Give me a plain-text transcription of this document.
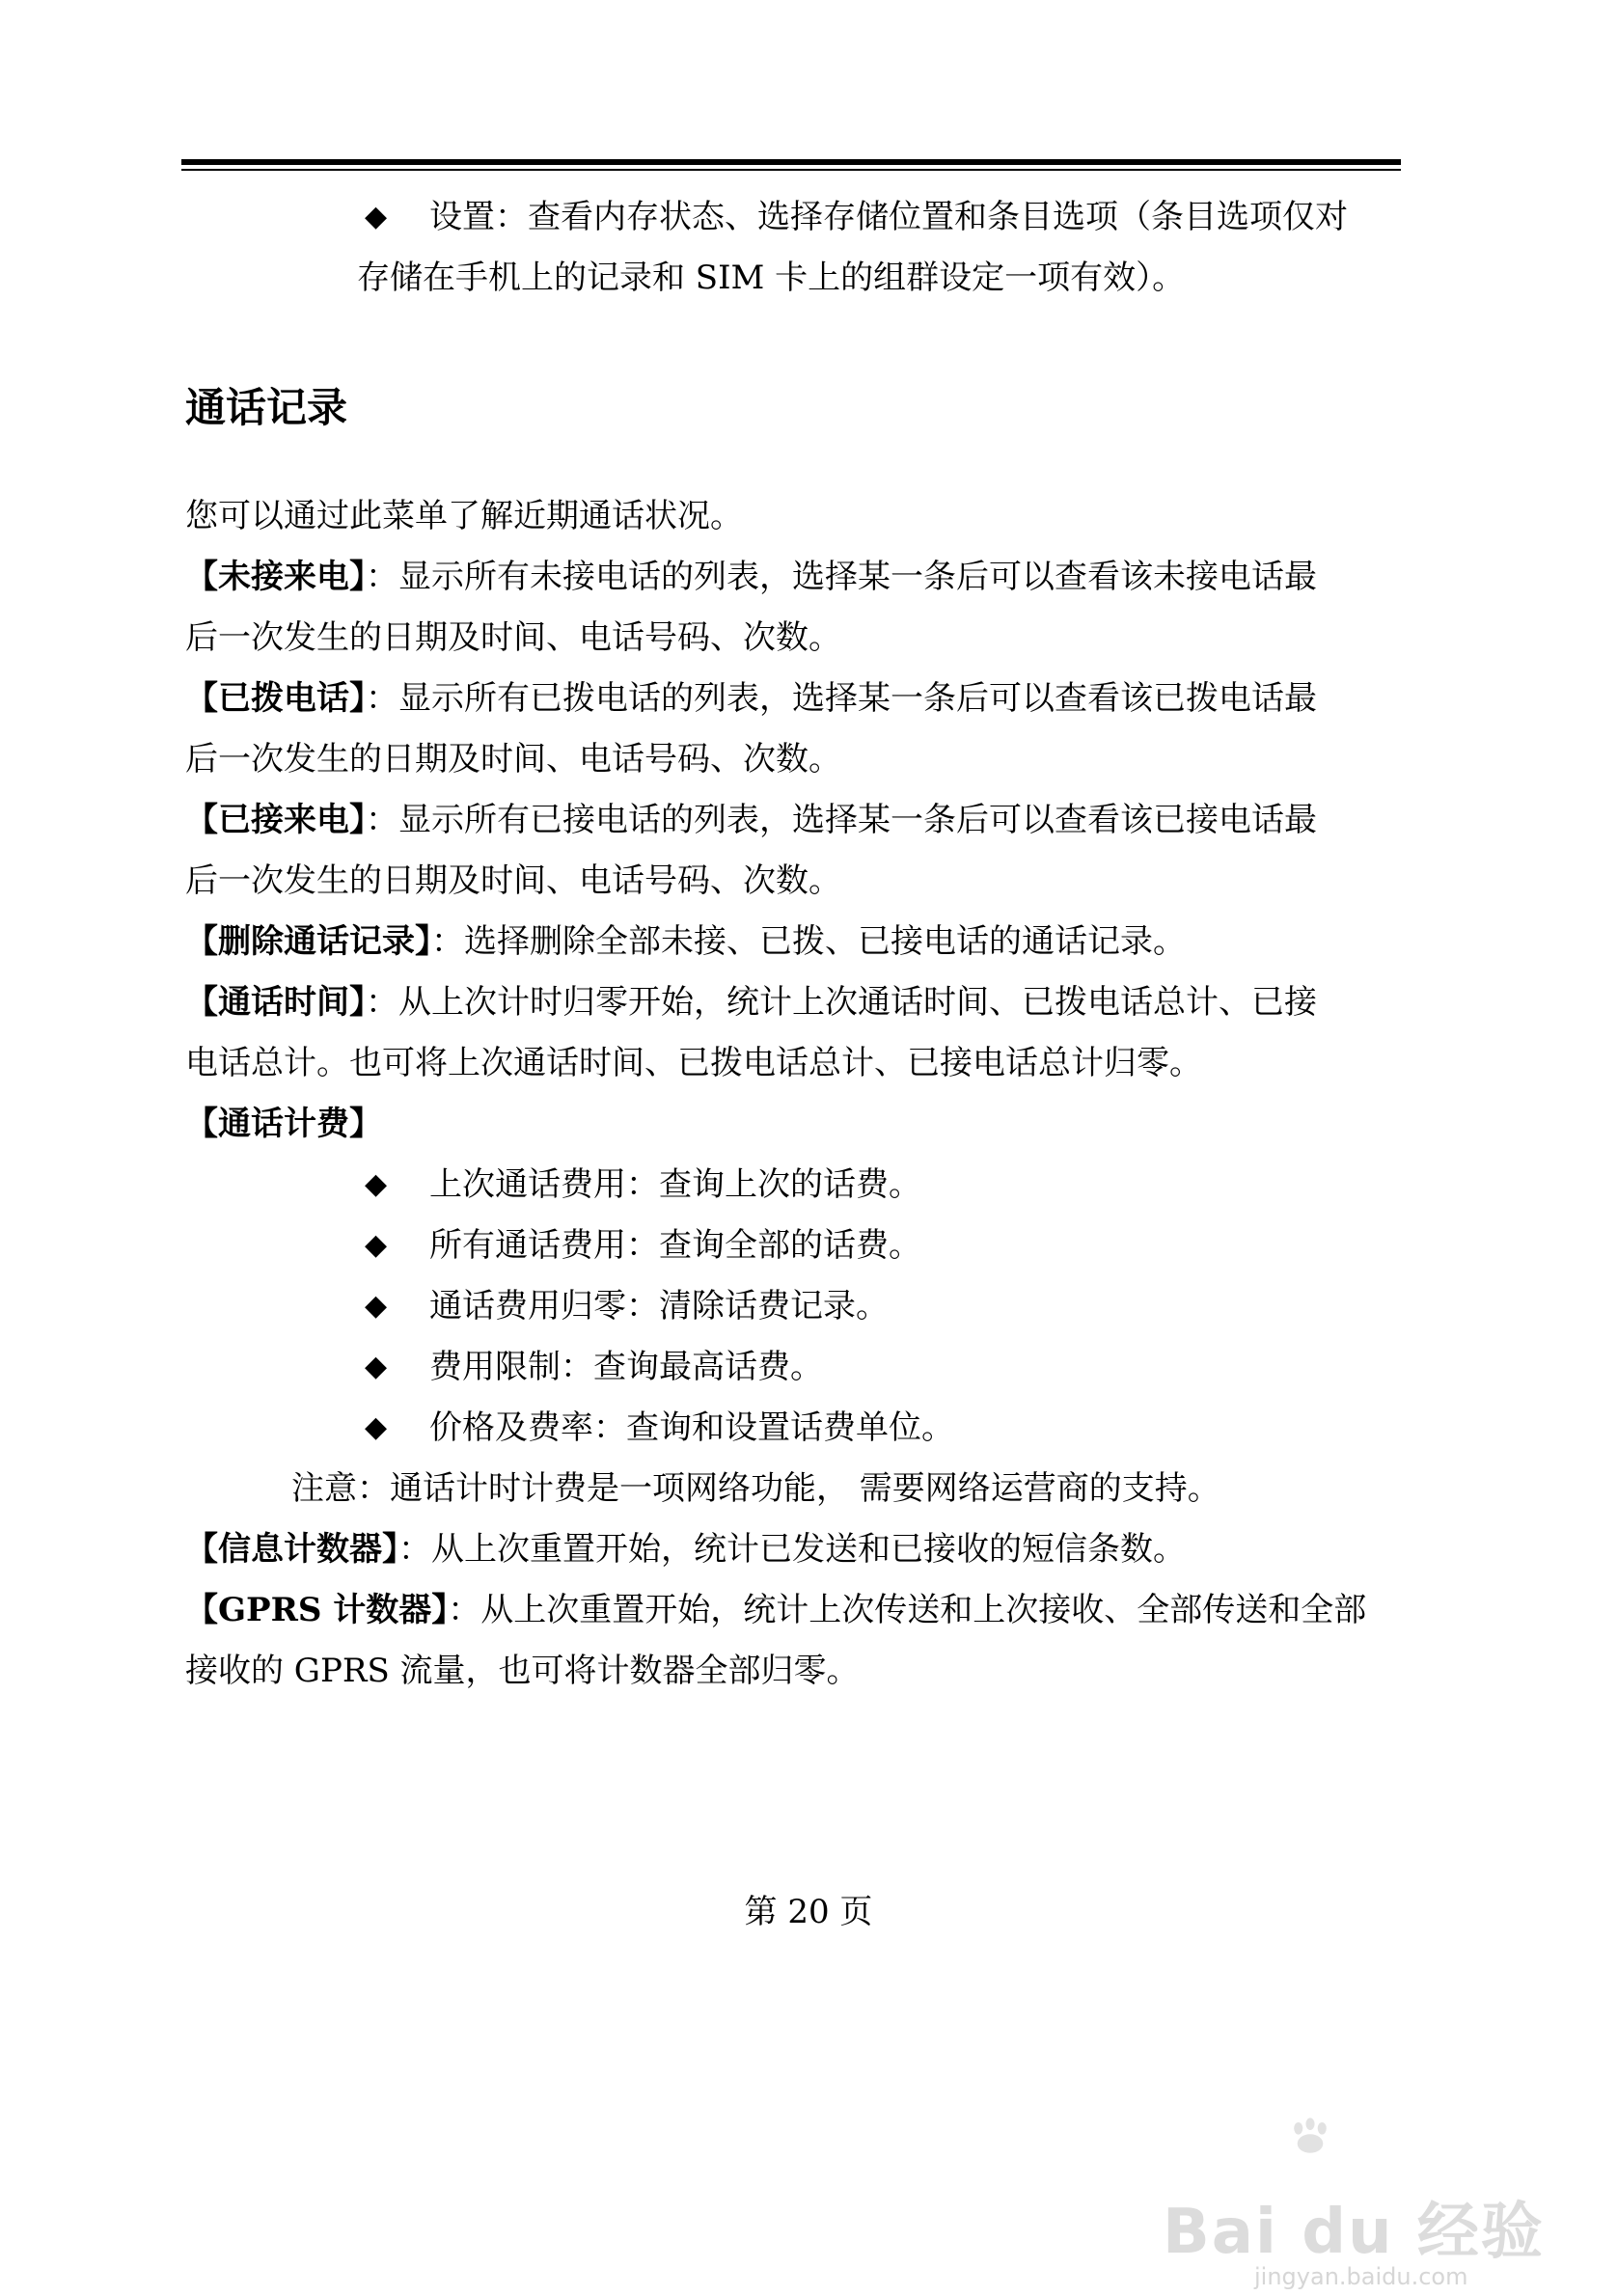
◆ 设置：查看内存状态、选择存储位置和条目选项（条目选项仅对
存储在手机上的记录和 SIM 卡上的组群设定一项有效）。
通话记录
您可以通过此菜单了解近期通话状况。
【未接来电】：显示所有未接电话的列表，选择某一条后可以查看该未接电话最
后一次发生的日期及时间、电话号码、次数。
【已拨电话】：显示所有已拨电话的列表，选择某一条后可以查看该已拨电话最
后一次发生的日期及时间、电话号码、次数。
【已接来电】：显示所有已接电话的列表，选择某一条后可以查看该已接电话最
后一次发生的日期及时间、电话号码、次数。
【删除通话记录】：选择删除全部未接、已拨、已接电话的通话记录。
【通话时间】：从上次计时归零开始，统计上次通话时间、已拨电话总计、已接
电话总计。也可将上次通话时间、已拨电话总计、已接电话总计归零。
【通话计费】
◆ 上次通话费用：查询上次的话费。
◆ 所有通话费用：查询全部的话费。
◆ 通话费用归零：清除话费记录。
◆ 费用限制：查询最高话费。
◆ 价格及费率：查询和设置话费单位。
注意：通话计时计费是一项网络功能， 需要网络运营商的支持。
【信息计数器】：从上次重置开始，统计已发送和已接收的短信条数。
【GPRS 计数器】：从上次重置开始，统计上次传送和上次接收、全部传送和全部
接收的 GPRS 流量，也可将计数器全部归零。
第 20 页
Bai du 经验
jingyan.baidu.com
